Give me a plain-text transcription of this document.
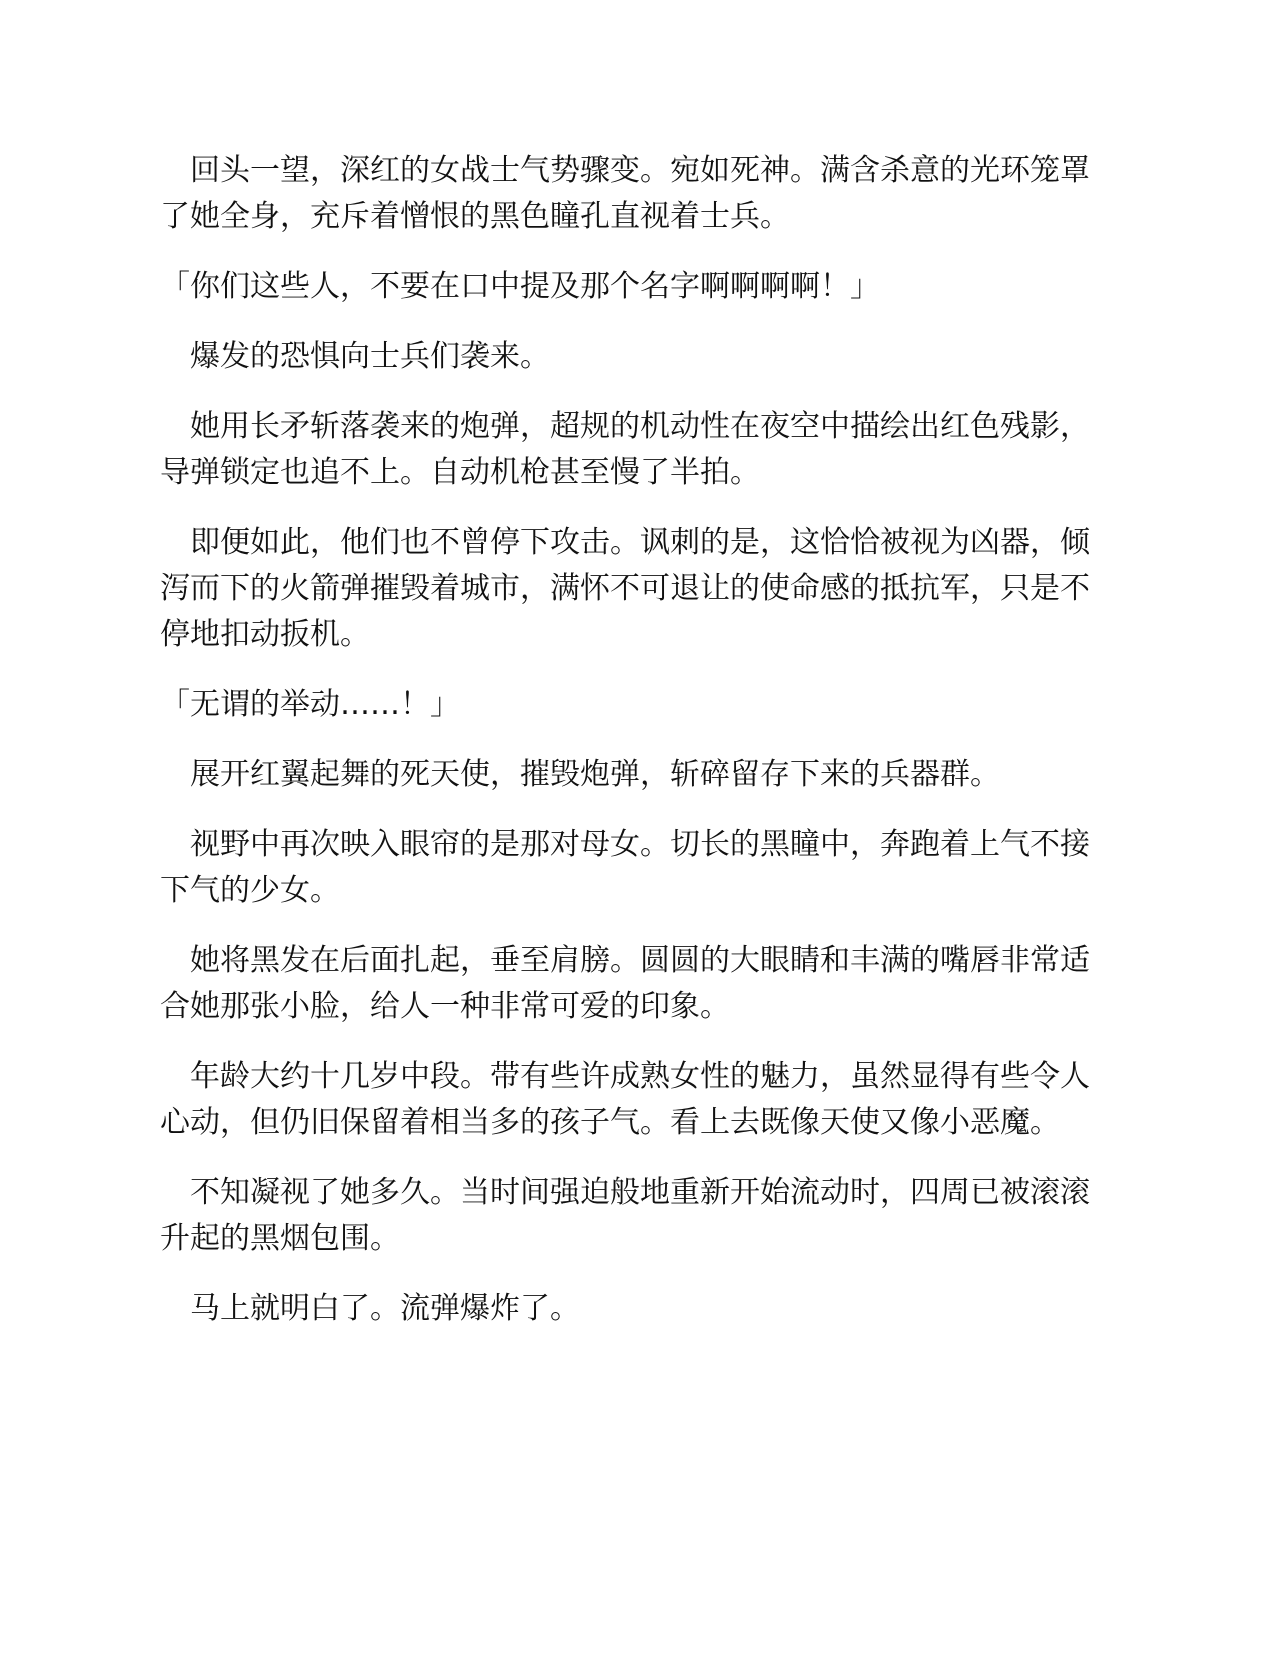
　回头一望，深红的女战士气势骤变。宛如死神。满含杀意的光环笼罩了她全身，充斥着憎恨的黑色瞳孔直视着士兵。

「你们这些人，不要在口中提及那个名字啊啊啊啊！」

　爆发的恐惧向士兵们袭来。

　她用长矛斩落袭来的炮弹，超规的机动性在夜空中描绘出红色残影，导弹锁定也追不上。自动机枪甚至慢了半拍。

　即便如此，他们也不曾停下攻击。讽刺的是，这恰恰被视为凶器，倾泻而下的火箭弹摧毁着城市，满怀不可退让的使命感的抵抗军，只是不停地扣动扳机。

「无谓的举动……！」

　展开红翼起舞的死天使，摧毁炮弹，斩碎留存下来的兵器群。

　视野中再次映入眼帘的是那对母女。切长的黑瞳中，奔跑着上气不接下气的少女。

　她将黑发在后面扎起，垂至肩膀。圆圆的大眼睛和丰满的嘴唇非常适合她那张小脸，给人一种非常可爱的印象。

　年龄大约十几岁中段。带有些许成熟女性的魅力，虽然显得有些令人心动，但仍旧保留着相当多的孩子气。看上去既像天使又像小恶魔。

　不知凝视了她多久。当时间强迫般地重新开始流动时，四周已被滚滚升起的黑烟包围。

　马上就明白了。流弹爆炸了。
